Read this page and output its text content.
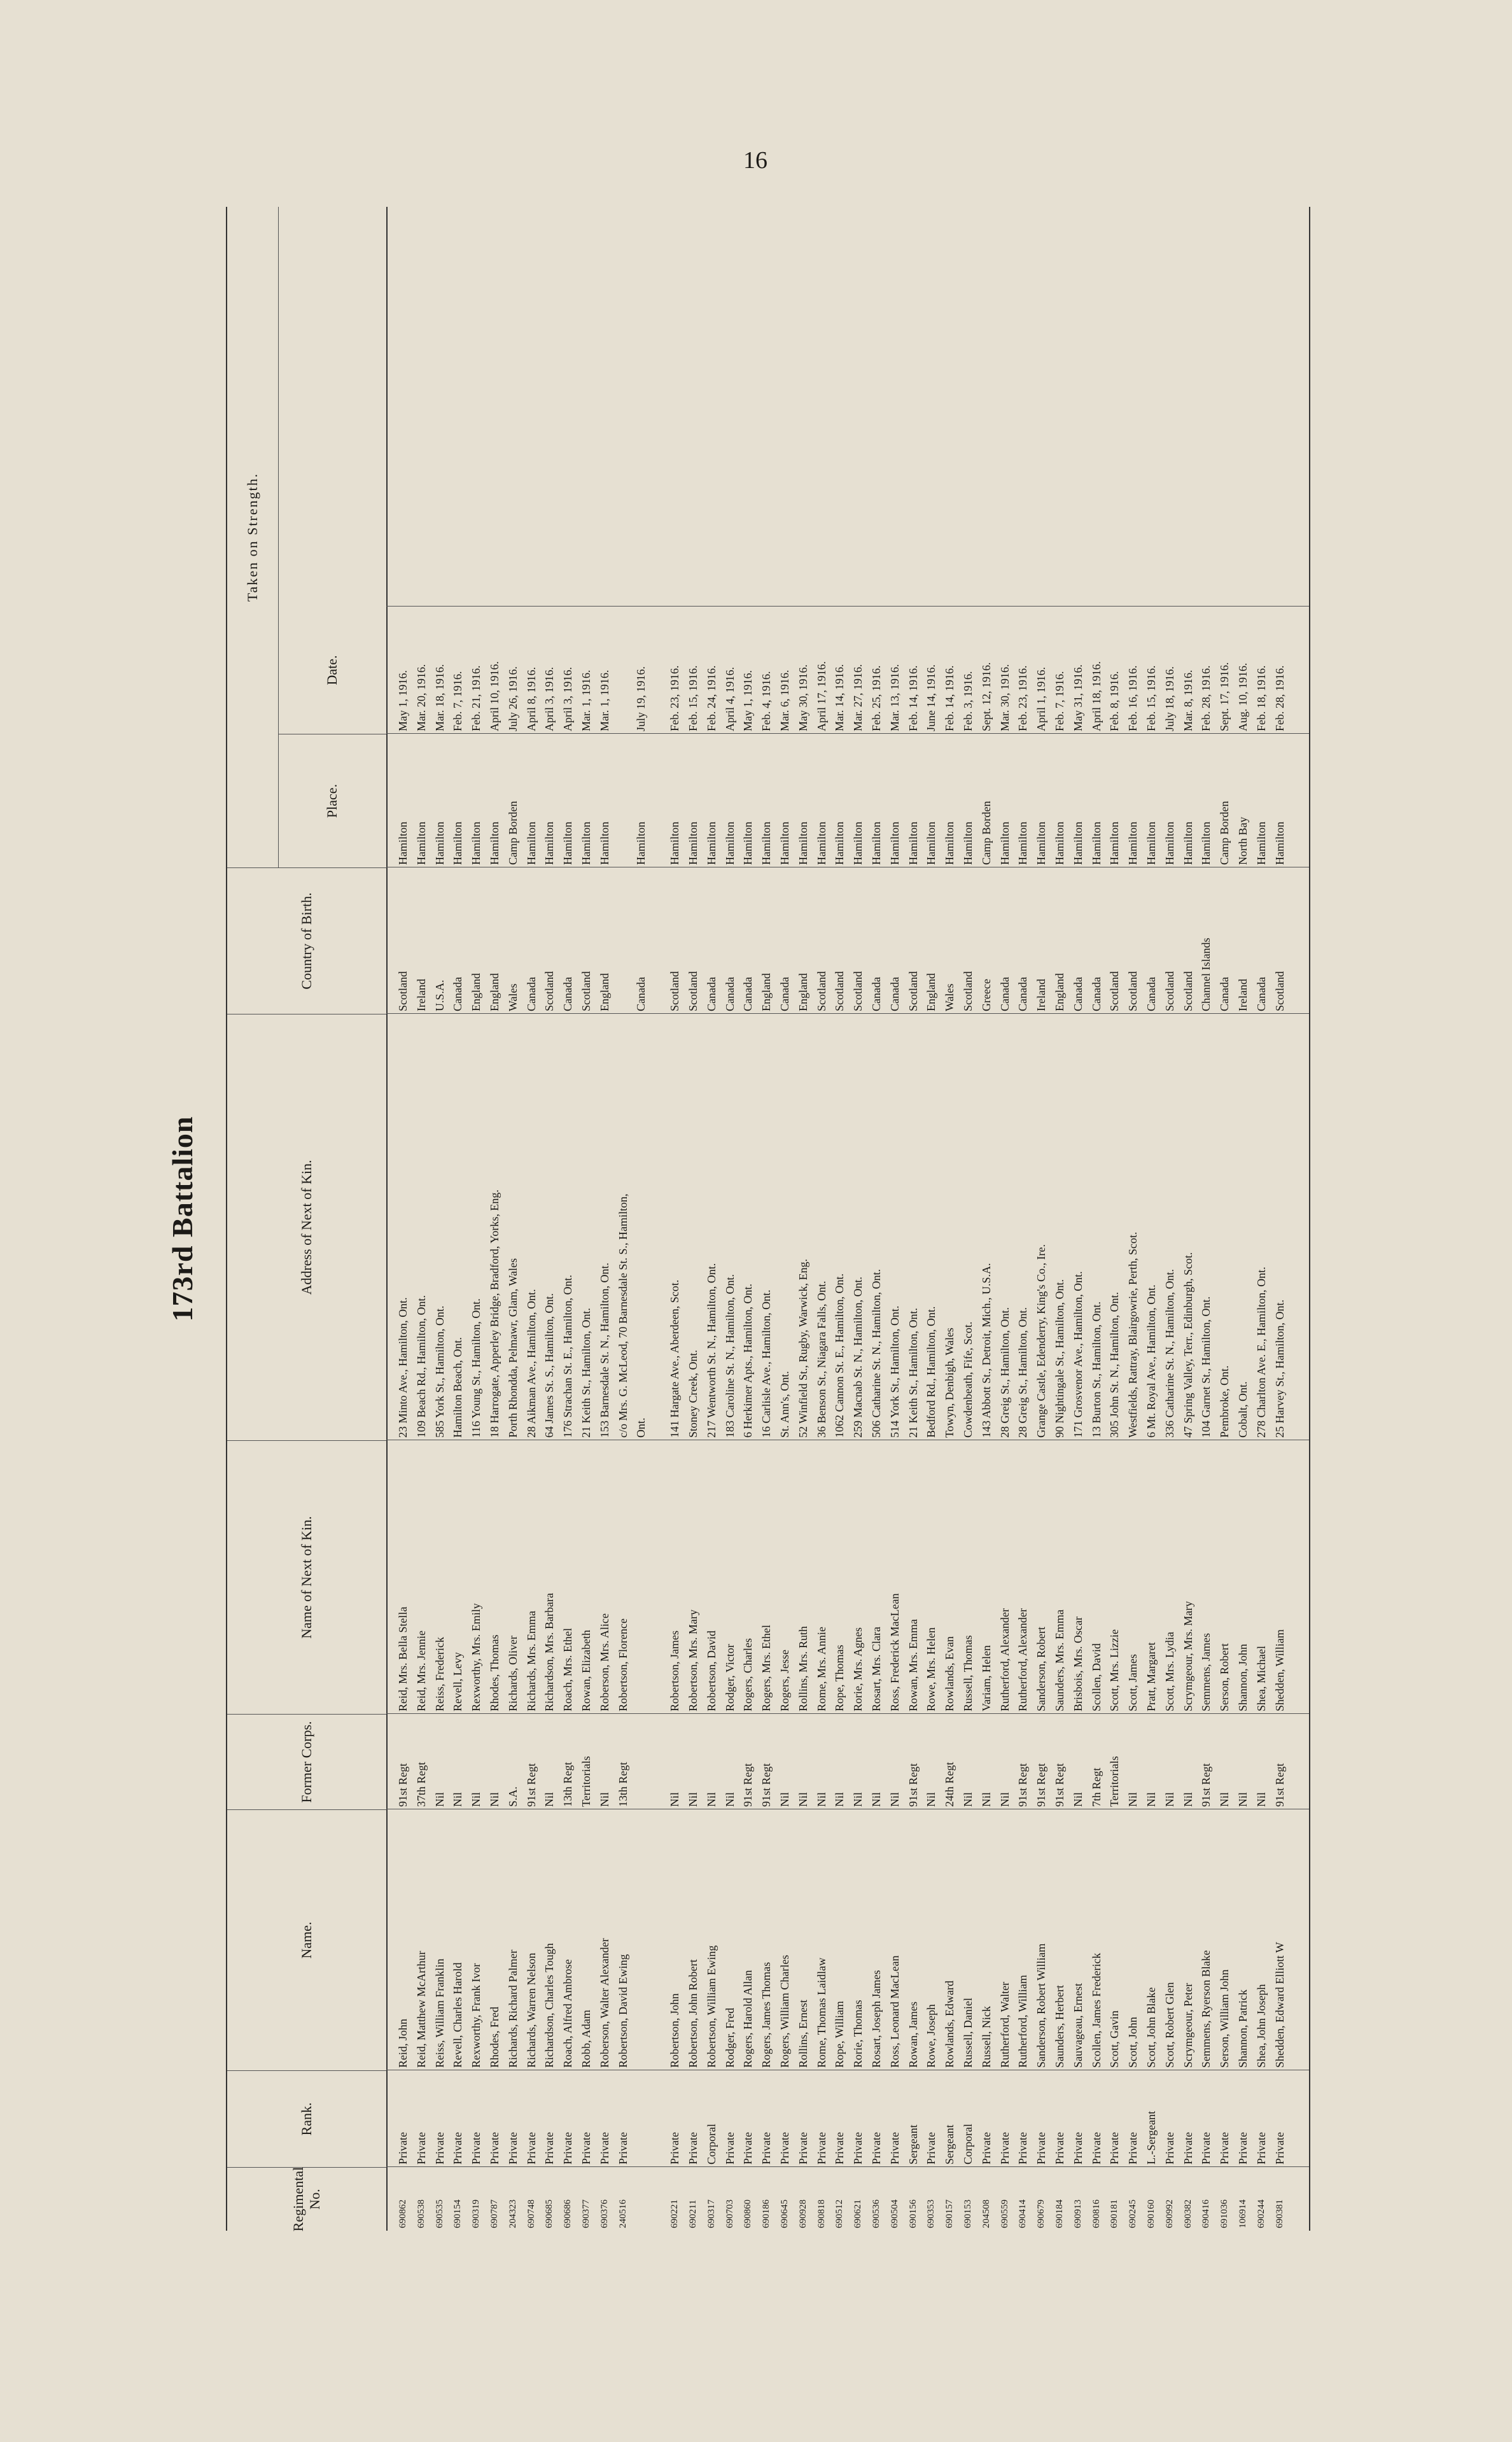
16
173rd Battalion
Regimental No.
Rank.
Name.
Former Corps.
Name of Next of Kin.
Address of Next of Kin.
Country of Birth.
Taken on Strength.
Place.
Date.
690862
Private
Reid, John
91st Regt
Reid, Mrs. Bella Stella
23 Minto Ave., Hamilton, Ont.
Scotland
Hamilton
May 1, 1916.
690538
Private
Reid, Matthew McArthur
37th Regt
Reid, Mrs. Jennie
109 Beach Rd., Hamilton, Ont.
Ireland
Hamilton
Mar. 20, 1916.
690535
Private
Reiss, William Franklin
Nil
Reiss, Frederick
585 York St., Hamilton, Ont.
U.S.A.
Hamilton
Mar. 18, 1916.
690154
Private
Revell, Charles Harold
Nil
Revell, Levy
Hamilton Beach, Ont.
Canada
Hamilton
Feb. 7, 1916.
690319
Private
Rexworthy, Frank Ivor
Nil
Rexworthy, Mrs. Emily
116 Young St., Hamilton, Ont.
England
Hamilton
Feb. 21, 1916.
690787
Private
Rhodes, Fred
Nil
Rhodes, Thomas
18 Harrogate, Apperley Bridge, Bradford, Yorks, Eng.
England
Hamilton
April 10, 1916.
204323
Private
Richards, Richard Palmer
S.A.
Richards, Oliver
Porth Rhondda, Pelmawr, Glam, Wales
Wales
Camp Borden
July 26, 1916.
690748
Private
Richards, Warren Nelson
91st Regt
Richards, Mrs. Emma
28 Aikman Ave., Hamilton, Ont.
Canada
Hamilton
April 8, 1916.
690685
Private
Richardson, Charles Tough
Nil
Richardson, Mrs. Barbara
64 James St. S., Hamilton, Ont.
Scotland
Hamilton
April 3, 1916.
690686
Private
Roach, Alfred Ambrose
13th Regt
Roach, Mrs. Ethel
176 Strachan St. E., Hamilton, Ont.
Canada
Hamilton
April 3, 1916.
690377
Private
Robb, Adam
Territorials
Rowan, Elizabeth
21 Keith St., Hamilton, Ont.
Scotland
Hamilton
Mar. 1, 1916.
690376
Private
Roberson, Walter Alexander
Nil
Roberson, Mrs. Alice
153 Barnesdale St. N., Hamilton, Ont.
England
Hamilton
Mar. 1, 1916.
240516
Private
Robertson, David Ewing
13th Regt
Robertson, Florence
c/o Mrs. G. McLeod, 70 Barnesdale St. S., Hamilton, Ont.
Canada
Hamilton
July 19, 1916.
690221
Private
Robertson, John
Nil
Robertson, James
141 Hargate Ave., Aberdeen, Scot.
Scotland
Hamilton
Feb. 23, 1916.
690211
Private
Robertson, John Robert
Nil
Robertson, Mrs. Mary
Stoney Creek, Ont.
Scotland
Hamilton
Feb. 15, 1916.
690317
Corporal
Robertson, William Ewing
Nil
Robertson, David
217 Wentworth St. N., Hamilton, Ont.
Canada
Hamilton
Feb. 24, 1916.
690703
Private
Rodger, Fred
Nil
Rodger, Victor
183 Caroline St. N., Hamilton, Ont.
Canada
Hamilton
April 4, 1916.
690860
Private
Rogers, Harold Allan
91st Regt
Rogers, Charles
6 Herkimer Apts., Hamilton, Ont.
Canada
Hamilton
May 1, 1916.
690186
Private
Rogers, James Thomas
91st Regt
Rogers, Mrs. Ethel
16 Carlisle Ave., Hamilton, Ont.
England
Hamilton
Feb. 4, 1916.
690645
Private
Rogers, William Charles
Nil
Rogers, Jesse
St. Ann's, Ont.
Canada
Hamilton
Mar. 6, 1916.
690928
Private
Rollins, Ernest
Nil
Rollins, Mrs. Ruth
52 Winfield St., Rugby, Warwick, Eng.
England
Hamilton
May 30, 1916.
690818
Private
Rome, Thomas Laidlaw
Nil
Rome, Mrs. Annie
36 Benson St., Niagara Falls, Ont.
Scotland
Hamilton
April 17, 1916.
690512
Private
Rope, William
Nil
Rope, Thomas
1062 Cannon St. E., Hamilton, Ont.
Scotland
Hamilton
Mar. 14, 1916.
690621
Private
Rorie, Thomas
Nil
Rorie, Mrs. Agnes
259 Macnab St. N., Hamilton, Ont.
Scotland
Hamilton
Mar. 27, 1916.
690536
Private
Rosart, Joseph James
Nil
Rosart, Mrs. Clara
506 Catharine St. N., Hamilton, Ont.
Canada
Hamilton
Feb. 25, 1916.
690504
Private
Ross, Leonard MacLean
Nil
Ross, Frederick MacLean
514 York St., Hamilton, Ont.
Canada
Hamilton
Mar. 13, 1916.
690156
Sergeant
Rowan, James
91st Regt
Rowan, Mrs. Emma
21 Keith St., Hamilton, Ont.
Scotland
Hamilton
Feb. 14, 1916.
690353
Private
Rowe, Joseph
Nil
Rowe, Mrs. Helen
Bedford Rd., Hamilton, Ont.
England
Hamilton
June 14, 1916.
690157
Sergeant
Rowlands, Edward
24th Regt
Rowlands, Evan
Towyn, Denbigh, Wales
Wales
Hamilton
Feb. 14, 1916.
690153
Corporal
Russell, Daniel
Nil
Russell, Thomas
Cowdenbeath, Fife, Scot.
Scotland
Hamilton
Feb. 3, 1916.
204508
Private
Russell, Nick
Nil
Variam, Helen
143 Abbott St., Detroit, Mich., U.S.A.
Greece
Camp Borden
Sept. 12, 1916.
690559
Private
Rutherford, Walter
Nil
Rutherford, Alexander
28 Greig St., Hamilton, Ont.
Canada
Hamilton
Mar. 30, 1916.
690414
Private
Rutherford, William
91st Regt
Rutherford, Alexander
28 Greig St., Hamilton, Ont.
Canada
Hamilton
Feb. 23, 1916.
690679
Private
Sanderson, Robert William
91st Regt
Sanderson, Robert
Grange Castle, Edenderry, King's Co., Ire.
Ireland
Hamilton
April 1, 1916.
690184
Private
Saunders, Herbert
91st Regt
Saunders, Mrs. Emma
90 Nightingale St., Hamilton, Ont.
England
Hamilton
Feb. 7, 1916.
690913
Private
Sauvageau, Ernest
Nil
Brisbois, Mrs. Oscar
171 Grosvenor Ave., Hamilton, Ont.
Canada
Hamilton
May 31, 1916.
690816
Private
Scollen, James Frederick
7th Regt
Scollen, David
13 Burton St., Hamilton, Ont.
Canada
Hamilton
April 18, 1916.
690181
Private
Scott, Gavin
Territorials
Scott, Mrs. Lizzie
305 John St. N., Hamilton, Ont.
Scotland
Hamilton
Feb. 8, 1916.
690245
Private
Scott, John
Nil
Scott, James
Westfields, Rattray, Blairgowrie, Perth, Scot.
Scotland
Hamilton
Feb. 16, 1916.
690160
L.-Sergeant
Scott, John Blake
Nil
Pratt, Margaret
6 Mt. Royal Ave., Hamilton, Ont.
Canada
Hamilton
Feb. 15, 1916.
690992
Private
Scott, Robert Glen
Nil
Scott, Mrs. Lydia
336 Catharine St. N., Hamilton, Ont.
Scotland
Hamilton
July 18, 1916.
690382
Private
Scrymgeour, Peter
Nil
Scrymgeour, Mrs. Mary
47 Spring Valley, Terr., Edinburgh, Scot.
Scotland
Hamilton
Mar. 8, 1916.
690416
Private
Semmens, Ryerson Blake
91st Regt
Semmens, James
104 Garnet St., Hamilton, Ont.
Channel Islands
Hamilton
Feb. 28, 1916.
691036
Private
Serson, William John
Nil
Serson, Robert
Pembroke, Ont.
Canada
Camp Borden
Sept. 17, 1916.
106914
Private
Shannon, Patrick
Nil
Shannon, John
Cobalt, Ont.
Ireland
North Bay
Aug. 10, 1916.
690244
Private
Shea, John Joseph
Nil
Shea, Michael
278 Charlton Ave. E., Hamilton, Ont.
Canada
Hamilton
Feb. 18, 1916.
690381
Private
Shedden, Edward Elliott W
91st Regt
Shedden, William
25 Harvey St., Hamilton, Ont.
Scotland
Hamilton
Feb. 28, 1916.
